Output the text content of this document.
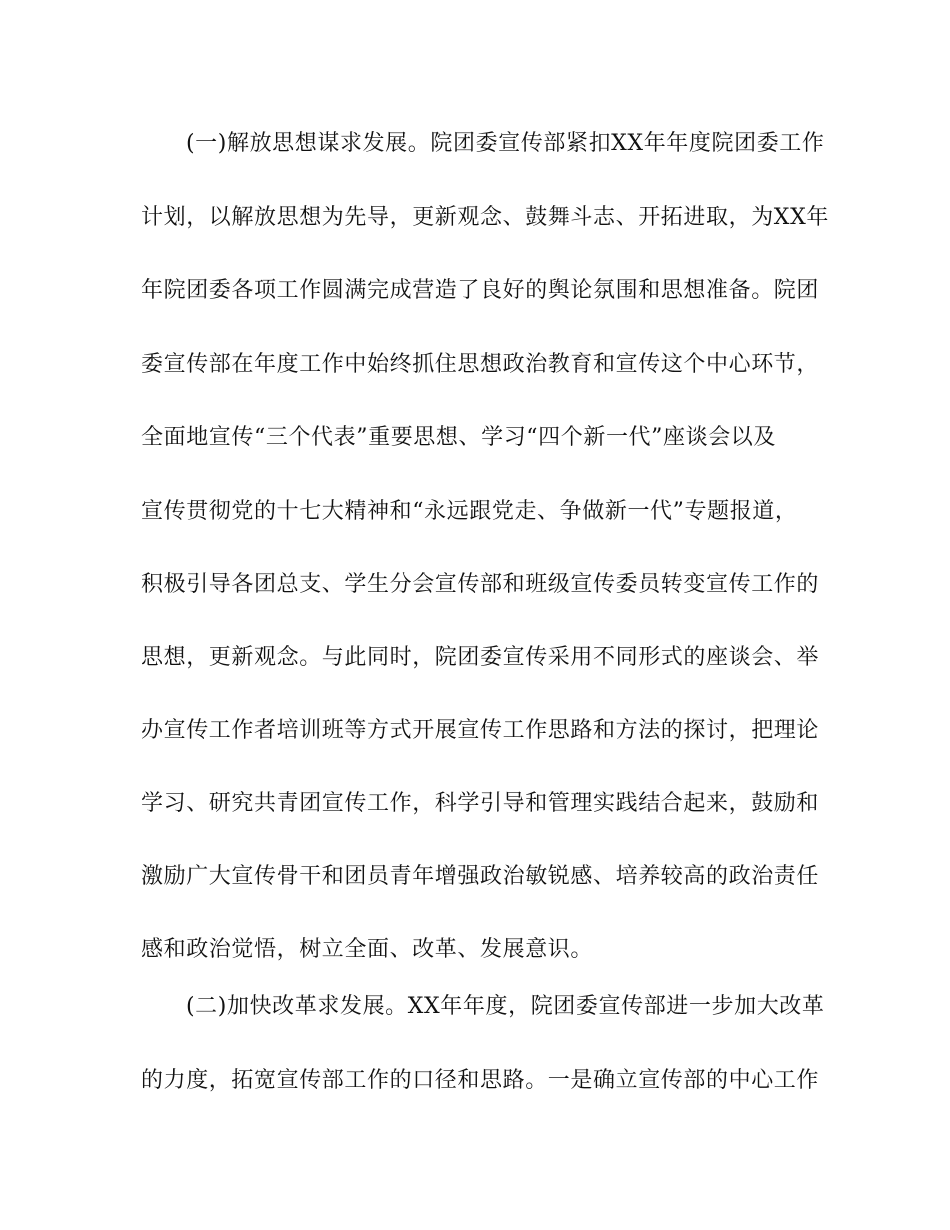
(一)解放思想谋求发展。院团委宣传部紧扣XX年年度院团委工作
计划，以解放思想为先导，更新观念、鼓舞斗志、开拓进取，为XX年
年院团委各项工作圆满完成营造了良好的舆论氛围和思想准备。院团
委宣传部在年度工作中始终抓住思想政治教育和宣传这个中心环节，
全面地宣传“三个代表”重要思想、学习“四个新一代”座谈会以及
宣传贯彻党的十七大精神和“永远跟党走、争做新一代”专题报道，
积极引导各团总支、学生分会宣传部和班级宣传委员转变宣传工作的
思想，更新观念。与此同时，院团委宣传采用不同形式的座谈会、举
办宣传工作者培训班等方式开展宣传工作思路和方法的探讨，把理论
学习、研究共青团宣传工作，科学引导和管理实践结合起来，鼓励和
激励广大宣传骨干和团员青年增强政治敏锐感、培养较高的政治责任
感和政治觉悟，树立全面、改革、发展意识。
(二)加快改革求发展。XX年年度，院团委宣传部进一步加大改革
的力度，拓宽宣传部工作的口径和思路。一是确立宣传部的中心工作
